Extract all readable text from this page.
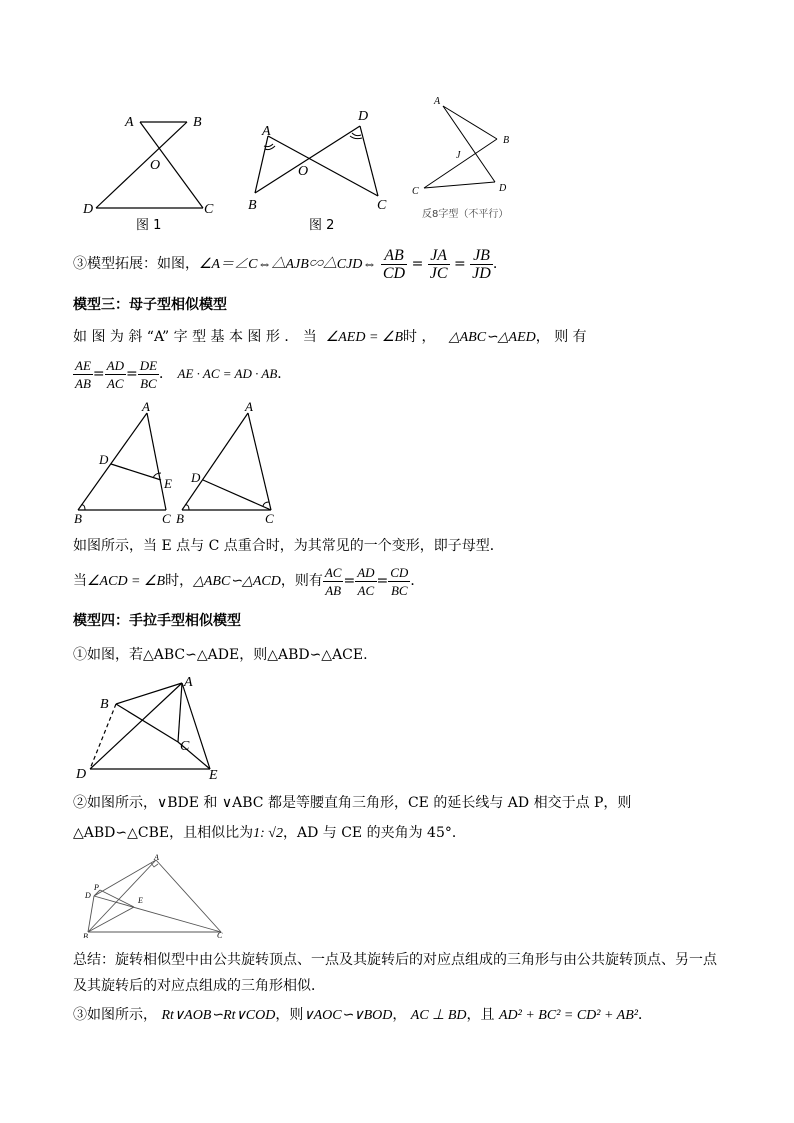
A	B
O
D	C
图 1
A
D
O
B	C
图 2
A
B
J
C	D
反8字型（不平行）
③模型拓展：如图，∠A＝∠C⇔△AJB∽△CJD⇔ $\frac{AB}{CD} = \frac{JA}{JC} = \frac{JB}{JD}$ .
模型三：母子型相似模型
如 图 为 斜 “A” 字 型 基 本 图 形 ． 当 ∠AED = ∠B时 ， △ABC∽△AED， 则 有
$\frac{AE}{AB} = \frac{AD}{AC} = \frac{DE}{BC}$ ． AE · AC = AD · AB．
A
D
E
B	C
A
D
B	C
如图所示，当 E 点与 C 点重合时，为其常见的一个变形，即子母型．
当∠ACD = ∠B时，△ABC∽△ACD，则有 $\frac{AC}{AB} = \frac{AD}{AC} = \frac{CD}{BC}$ ．
模型四：手拉手型相似模型
①如图，若△ABC∽△ADE，则△ABD∽△ACE.
A
B
C
D	E
②如图所示，∨BDE 和 ∨ABC 都是等腰直角三角形，CE 的延长线与 AD 相交于点 P，则
△ABD∽△CBE，且相似比为1: √2，AD 与 CE 的夹角为 45°．
A
P
D
E
B	C
总结：旋转相似型中由公共旋转顶点、一点及其旋转后的对应点组成的三角形与由公共旋转顶点、另一点
及其旋转后的对应点组成的三角形相似．
③如图所示， Rt∨AOB∽Rt∨COD，则∨AOC∽∨BOD， AC ⊥ BD，且 AD² + BC² = CD² + AB²．
